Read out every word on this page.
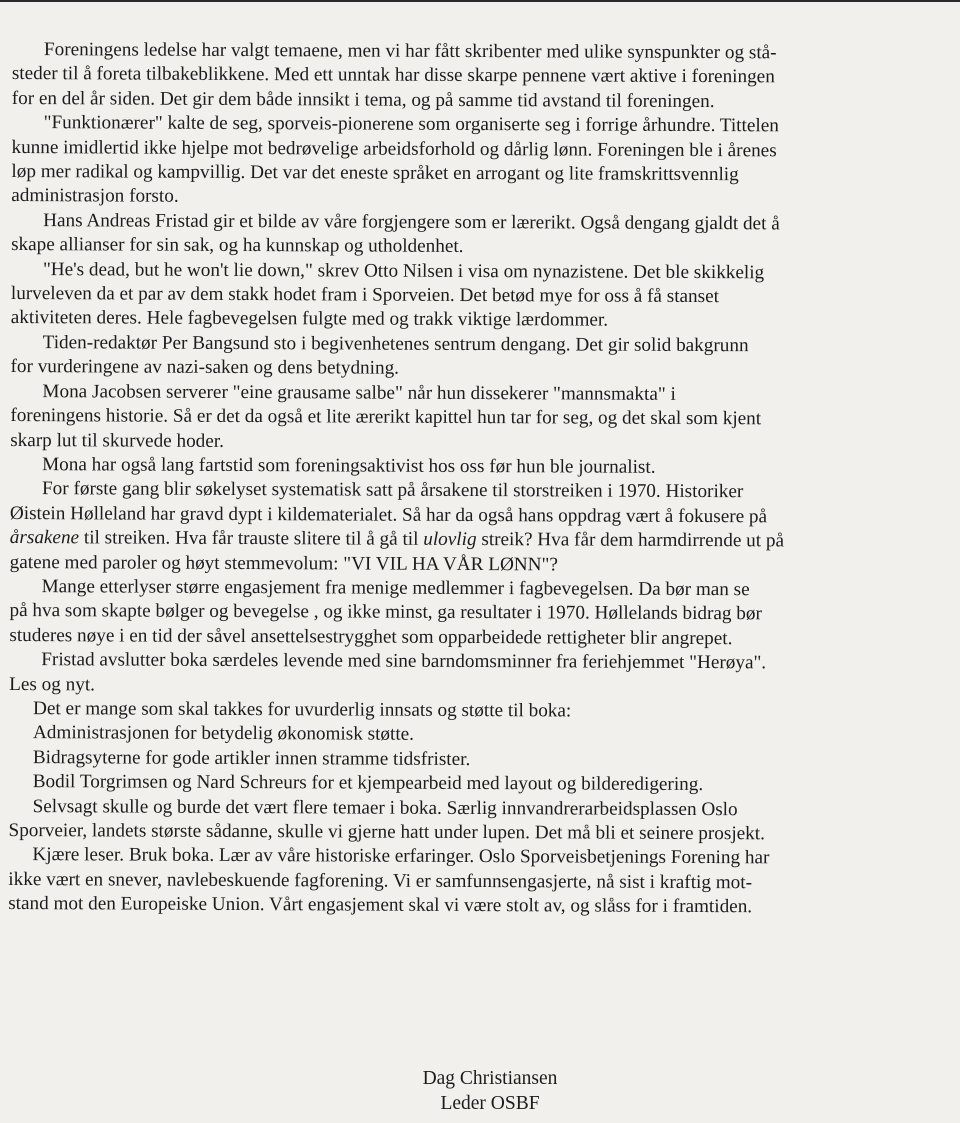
Foreningens ledelse har valgt temaene, men vi har fått skribenter med ulike synspunkter og stå-
steder til å foreta tilbakeblikkene. Med ett unntak har disse skarpe pennene vært aktive i foreningen
for en del år siden. Det gir dem både innsikt i tema, og på samme tid avstand til foreningen.
"Funktionærer" kalte de seg, sporveis-pionerene som organiserte seg i forrige århundre. Tittelen
kunne imidlertid ikke hjelpe mot bedrøvelige arbeidsforhold og dårlig lønn. Foreningen ble i årenes
løp mer radikal og kampvillig. Det var det eneste språket en arrogant og lite framskrittsvennlig
administrasjon forsto.
Hans Andreas Fristad gir et bilde av våre forgjengere som er lærerikt. Også dengang gjaldt det å
skape allianser for sin sak, og ha kunnskap og utholdenhet.
"He's dead, but he won't lie down," skrev Otto Nilsen i visa om nynazistene. Det ble skikkelig
lurveleven da et par av dem stakk hodet fram i Sporveien. Det betød mye for oss å få stanset
aktiviteten deres. Hele fagbevegelsen fulgte med og trakk viktige lærdommer.
Tiden-redaktør Per Bangsund sto i begivenhetenes sentrum dengang. Det gir solid bakgrunn
for vurderingene av nazi-saken og dens betydning.
Mona Jacobsen serverer "eine grausame salbe" når hun dissekerer "mannsmakta" i
foreningens historie. Så er det da også et lite ærerikt kapittel hun tar for seg, og det skal som kjent
skarp lut til skurvede hoder.
Mona har også lang fartstid som foreningsaktivist hos oss før hun ble journalist.
For første gang blir søkelyset systematisk satt på årsakene til storstreiken i 1970. Historiker
Øistein Hølleland har gravd dypt i kildematerialet. Så har da også hans oppdrag vært å fokusere på
årsakene til streiken. Hva får trauste slitere til å gå til ulovlig streik? Hva får dem harmdirrende ut på
gatene med paroler og høyt stemmevolum: "VI VIL HA VÅR LØNN"?
Mange etterlyser større engasjement fra menige medlemmer i fagbevegelsen. Da bør man se
på hva som skapte bølger og bevegelse , og ikke minst, ga resultater i 1970. Høllelands bidrag bør
studeres nøye i en tid der såvel ansettelsestrygghet som opparbeidede rettigheter blir angrepet.
Fristad avslutter boka særdeles levende med sine barndomsminner fra feriehjemmet "Herøya".
Les og nyt.
Det er mange som skal takkes for uvurderlig innsats og støtte til boka:
Administrasjonen for betydelig økonomisk støtte.
Bidragsyterne for gode artikler innen stramme tidsfrister.
Bodil Torgrimsen og Nard Schreurs for et kjempearbeid med layout og bilderedigering.
Selvsagt skulle og burde det vært flere temaer i boka. Særlig innvandrerarbeidsplassen Oslo
Sporveier, landets største sådanne, skulle vi gjerne hatt under lupen. Det må bli et seinere prosjekt.
Kjære leser. Bruk boka. Lær av våre historiske erfaringer. Oslo Sporveisbetjenings Forening har
ikke vært en snever, navlebeskuende fagforening. Vi er samfunnsengasjerte, nå sist i kraftig mot-
stand mot den Europeiske Union. Vårt engasjement skal vi være stolt av, og slåss for i framtiden.
Dag Christiansen
Leder OSBF
